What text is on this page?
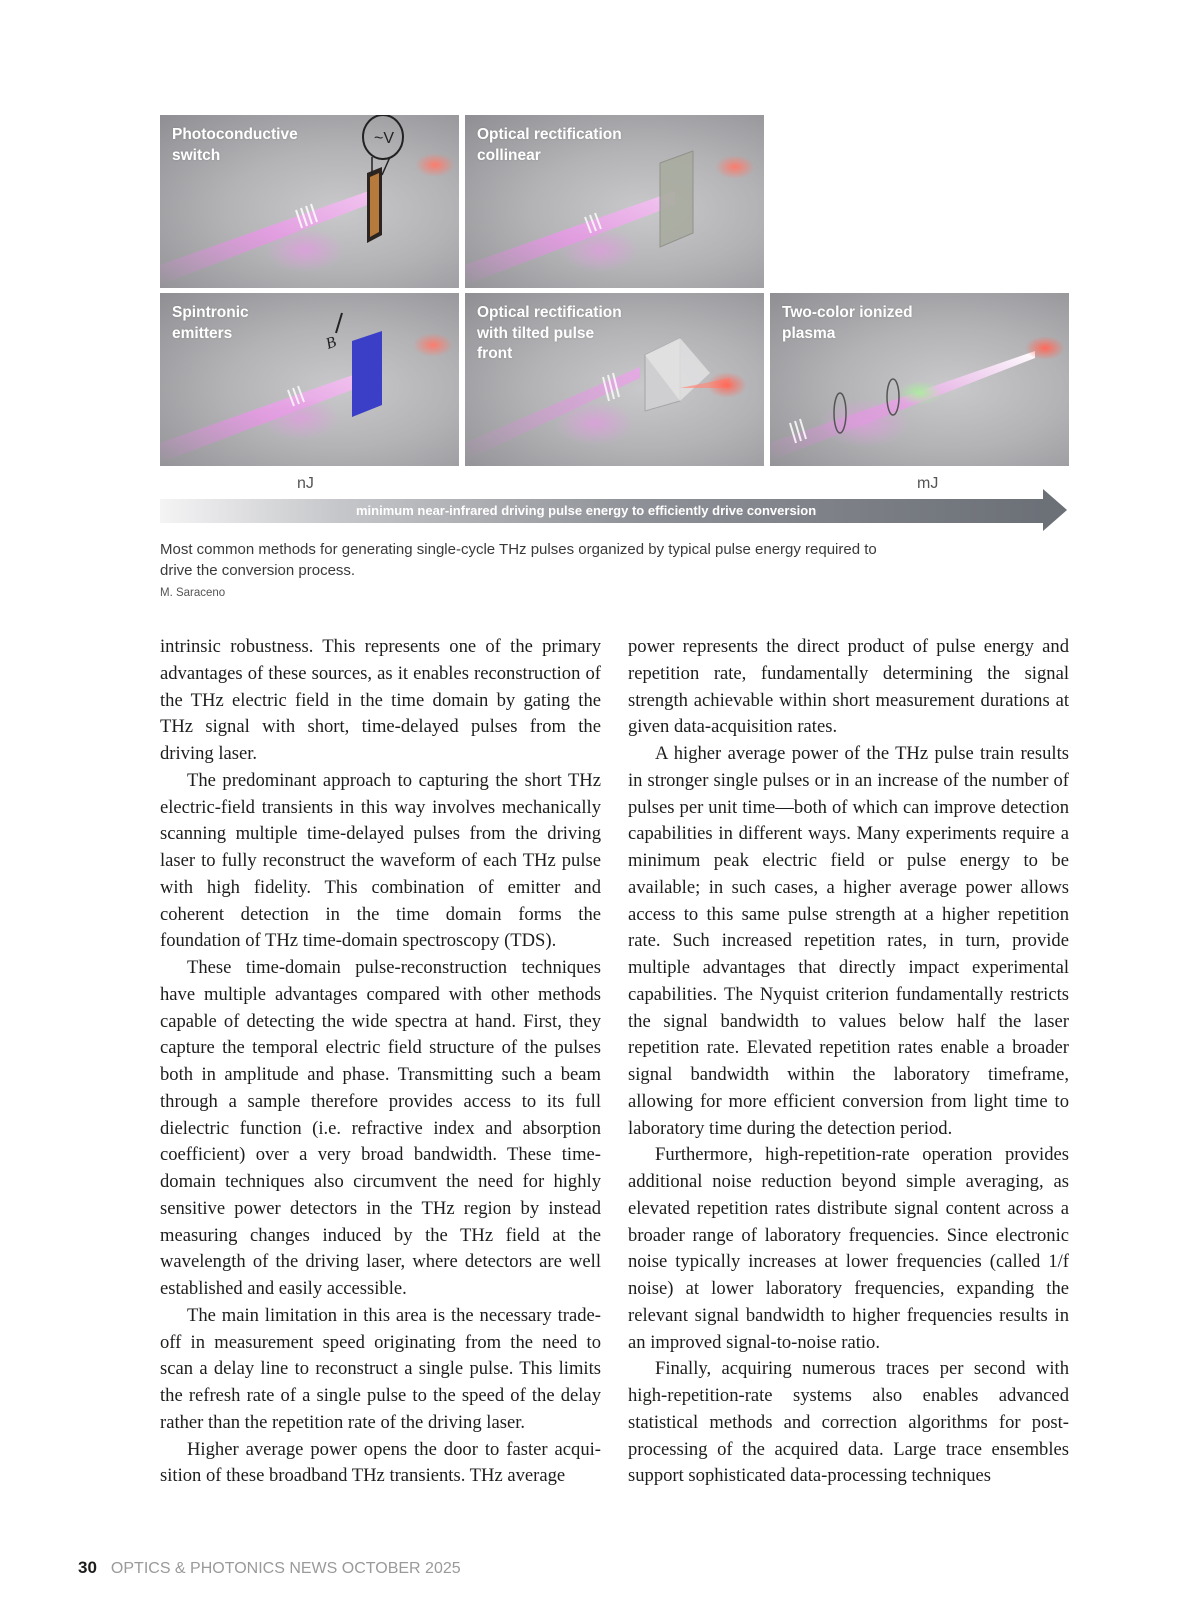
~V
Photoconductive
switch
Optical rectification
collinear
B
Spintronic
emitters
Optical rectification
with tilted pulse
front
Two-color ionized
plasma
nJ	mJ
minimum near-infrared driving pulse energy to efficiently drive conversion
Most common methods for generating single-cycle THz pulses organized by typical pulse energy required to drive the conversion process.
M. Saraceno

intrinsic robustness. This represents one of the primary advantages of these sources, as it enables reconstruction of the THz electric field in the time domain by gating the THz signal with short, time-delayed pulses from the driving laser.

The predominant approach to capturing the short THz electric-field transients in this way involves mechanically scanning multiple time-delayed pulses from the driving laser to fully reconstruct the waveform of each THz pulse with high fidelity. This combination of emitter and coherent detection in the time domain forms the foundation of THz time-domain spectroscopy (TDS).

These time-domain pulse-reconstruction techniques have multiple advantages compared with other methods capable of detecting the wide spectra at hand. First, they capture the temporal electric field structure of the pulses both in amplitude and phase. Transmitting such a beam through a sample therefore provides access to its full dielectric function (i.e. refractive index and absorption coefficient) over a very broad bandwidth. These time-domain techniques also circumvent the need for highly sensitive power detectors in the THz region by instead measuring changes induced by the THz field at the wavelength of the driving laser, where detectors are well established and easily accessible.

The main limitation in this area is the necessary trade-off in measurement speed originating from the need to scan a delay line to reconstruct a single pulse. This limits the refresh rate of a single pulse to the speed of the delay rather than the repetition rate of the driving laser.

Higher average power opens the door to faster acquisition of these broadband THz transients. THz average

power represents the direct product of pulse energy and repetition rate, fundamentally determining the signal strength achievable within short measurement durations at given data-acquisition rates.

A higher average power of the THz pulse train results in stronger single pulses or in an increase of the number of pulses per unit time—both of which can improve detection capabilities in different ways. Many experiments require a minimum peak electric field or pulse energy to be available; in such cases, a higher average power allows access to this same pulse strength at a higher repetition rate. Such increased repetition rates, in turn, provide multiple advantages that directly impact experimental capabilities. The Nyquist criterion fundamentally restricts the signal bandwidth to values below half the laser repetition rate. Elevated repetition rates enable a broader signal bandwidth within the laboratory timeframe, allowing for more efficient conversion from light time to laboratory time during the detection period.

Furthermore, high-repetition-rate operation provides additional noise reduction beyond simple averaging, as elevated repetition rates distribute signal content across a broader range of laboratory frequencies. Since electronic noise typically increases at lower frequencies (called 1/f noise) at lower laboratory frequencies, expanding the relevant signal bandwidth to higher frequencies results in an improved signal-to-noise ratio.

Finally, acquiring numerous traces per second with high-repetition-rate systems also enables advanced statistical methods and correction algorithms for post-processing of the acquired data. Large trace ensembles support sophisticated data-processing techniques

30 OPTICS & PHOTONICS NEWS OCTOBER 2025
